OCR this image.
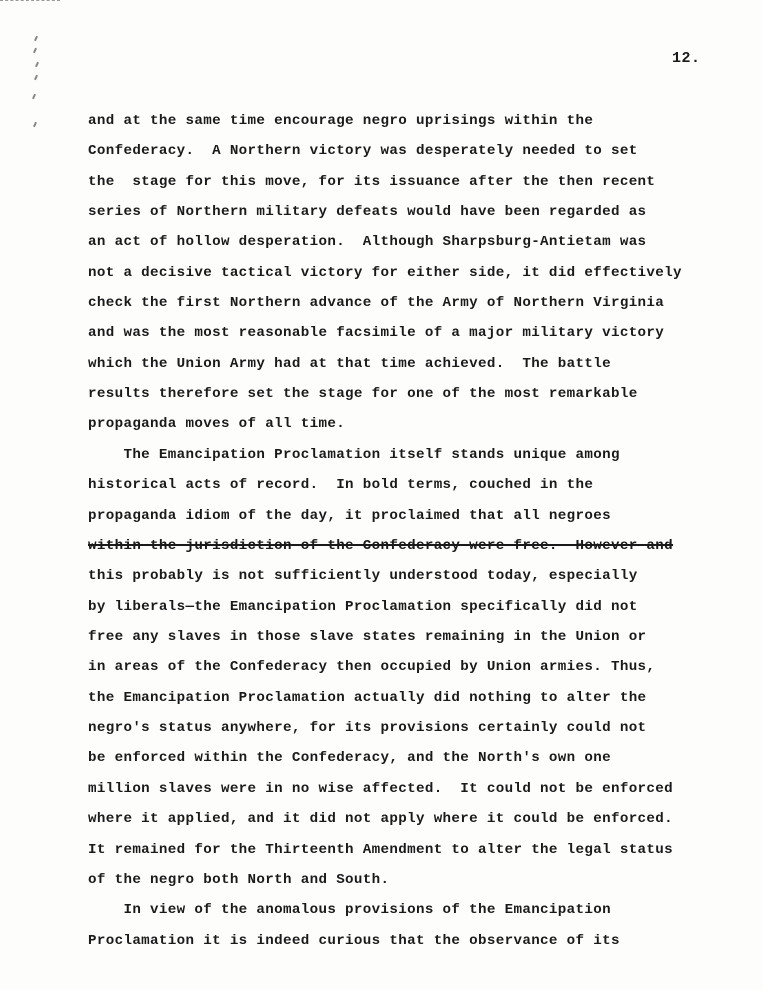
12.
and at the same time encourage negro uprisings within the
Confederacy.  A Northern victory was desperately needed to set
the  stage for this move, for its issuance after the then recent
series of Northern military defeats would have been regarded as
an act of hollow desperation.  Although Sharpsburg-Antietam was
not a decisive tactical victory for either side, it did effectively
check the first Northern advance of the Army of Northern Virginia
and was the most reasonable facsimile of a major military victory
which the Union Army had at that time achieved.  The battle
results therefore set the stage for one of the most remarkable
propaganda moves of all time.
The Emancipation Proclamation itself stands unique among
historical acts of record.  In bold terms, couched in the
propaganda idiom of the day, it proclaimed that all negroes
within the jurisdiction of the Confederacy were free.  However—and
this probably is not sufficiently understood today, especially
by liberals—the Emancipation Proclamation specifically did not
free any slaves in those slave states remaining in the Union or
in areas of the Confederacy then occupied by Union armies. Thus,
the Emancipation Proclamation actually did nothing to alter the
negro's status anywhere, for its provisions certainly could not
be enforced within the Confederacy, and the North's own one
million slaves were in no wise affected.  It could not be enforced
where it applied, and it did not apply where it could be enforced.
It remained for the Thirteenth Amendment to alter the legal status
of the negro both North and South.
In view of the anomalous provisions of the Emancipation
Proclamation it is indeed curious that the observance of its
